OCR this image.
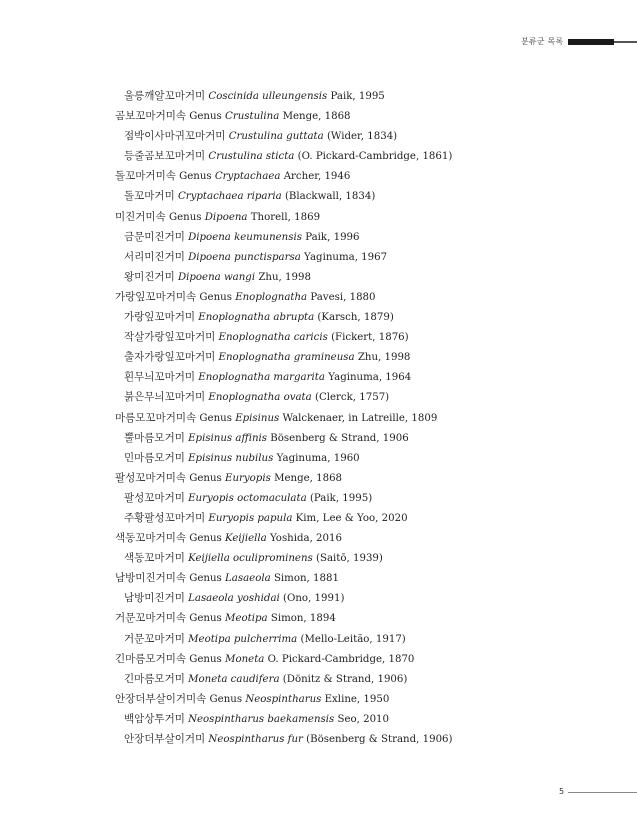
분류군 목록
울릉깨알꼬마거미 Coscinida ulleungensis Paik, 1995
곰보꼬마거미속 Genus Crustulina Menge, 1868
점박이사마귀꼬마거미 Crustulina guttata (Wider, 1834)
등줄곰보꼬마거미 Crustulina sticta (O. Pickard-Cambridge, 1861)
돌꼬마거미속 Genus Cryptachaea Archer, 1946
돌꼬마거미 Cryptachaea riparia (Blackwall, 1834)
미진거미속 Genus Dipoena Thorell, 1869
금문미진거미 Dipoena keumunensis Paik, 1996
서리미진거미 Dipoena punctisparsa Yaginuma, 1967
왕미진거미 Dipoena wangi Zhu, 1998
가랑잎꼬마거미속 Genus Enoplognatha Pavesi, 1880
가랑잎꼬마거미 Enoplognatha abrupta (Karsch, 1879)
작살가랑잎꼬마거미 Enoplognatha caricis (Fickert, 1876)
출자가랑잎꼬마거미 Enoplognatha gramineusa Zhu, 1998
흰무늬꼬마거미 Enoplognatha margarita Yaginuma, 1964
붉은무늬꼬마거미 Enoplognatha ovata (Clerck, 1757)
마름모꼬마거미속 Genus Episinus Walckenaer, in Latreille, 1809
뿔마름모거미 Episinus affinis Bösenberg & Strand, 1906
민마름모거미 Episinus nubilus Yaginuma, 1960
팔성꼬마거미속 Genus Euryopis Menge, 1868
팔성꼬마거미 Euryopis octomaculata (Paik, 1995)
주황팔성꼬마거미 Euryopis papula Kim, Lee & Yoo, 2020
색동꼬마거미속 Genus Keijiella Yoshida, 2016
색동꼬마거미 Keijiella oculiprominens (Saitō, 1939)
남방미진거미속 Genus Lasaeola Simon, 1881
남방미진거미 Lasaeola yoshidai (Ono, 1991)
거문꼬마거미속 Genus Meotipa Simon, 1894
거문꼬마거미 Meotipa pulcherrima (Mello-Leitão, 1917)
긴마름모거미속 Genus Moneta O. Pickard-Cambridge, 1870
긴마름모거미 Moneta caudifera (Dönitz & Strand, 1906)
안장더부살이거미속 Genus Neospintharus Exline, 1950
백암상투거미 Neospintharus baekamensis Seo, 2010
안장더부살이거미 Neospintharus fur (Bösenberg & Strand, 1906)
5
